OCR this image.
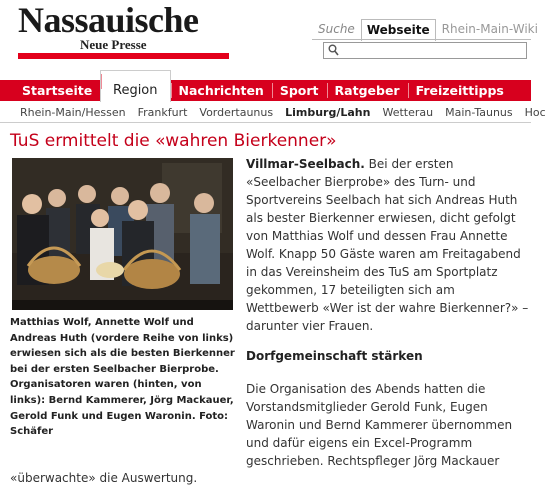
Nassauische
Neue Presse
Suche	Webseite	Rhein-Main-Wiki
Startseite	Region	Nachrichten	Sport	Ratgeber	Freizeittipps
Rhein-Main/Hessen	Frankfurt	Vordertaunus	Limburg/Lahn	Wetterau	Main-Taunus	Hoc
TuS ermittelt die «wahren Bierkenner»
Matthias Wolf, Annette Wolf und Andreas Huth (vordere Reihe von links) erwiesen sich als die besten Bierkenner bei der ersten Seelbacher Bierprobe. Organisatoren waren (hinten, von links): Bernd Kammerer, Jörg Mackauer, Gerold Funk und Eugen Waronin. Foto: Schäfer

Villmar-Seelbach. Bei der ersten «Seelbacher Bierprobe» des Turn- und Sportvereins Seelbach hat sich Andreas Huth als bester Bierkenner erwiesen, dicht gefolgt von Matthias Wolf und dessen Frau Annette Wolf. Knapp 50 Gäste waren am Freitagabend in das Vereinsheim des TuS am Sportplatz gekommen, 17 beteiligten sich am Wettbewerb «Wer ist der wahre Bierkenner?» – darunter vier Frauen.

Dorfgemeinschaft stärken

Die Organisation des Abends hatten die Vorstandsmitglieder Gerold Funk, Eugen Waronin und Bernd Kammerer übernommen und dafür eigens ein Excel-Programm geschrieben. Rechtspfleger Jörg Mackauer

«überwachte» die Auswertung.
